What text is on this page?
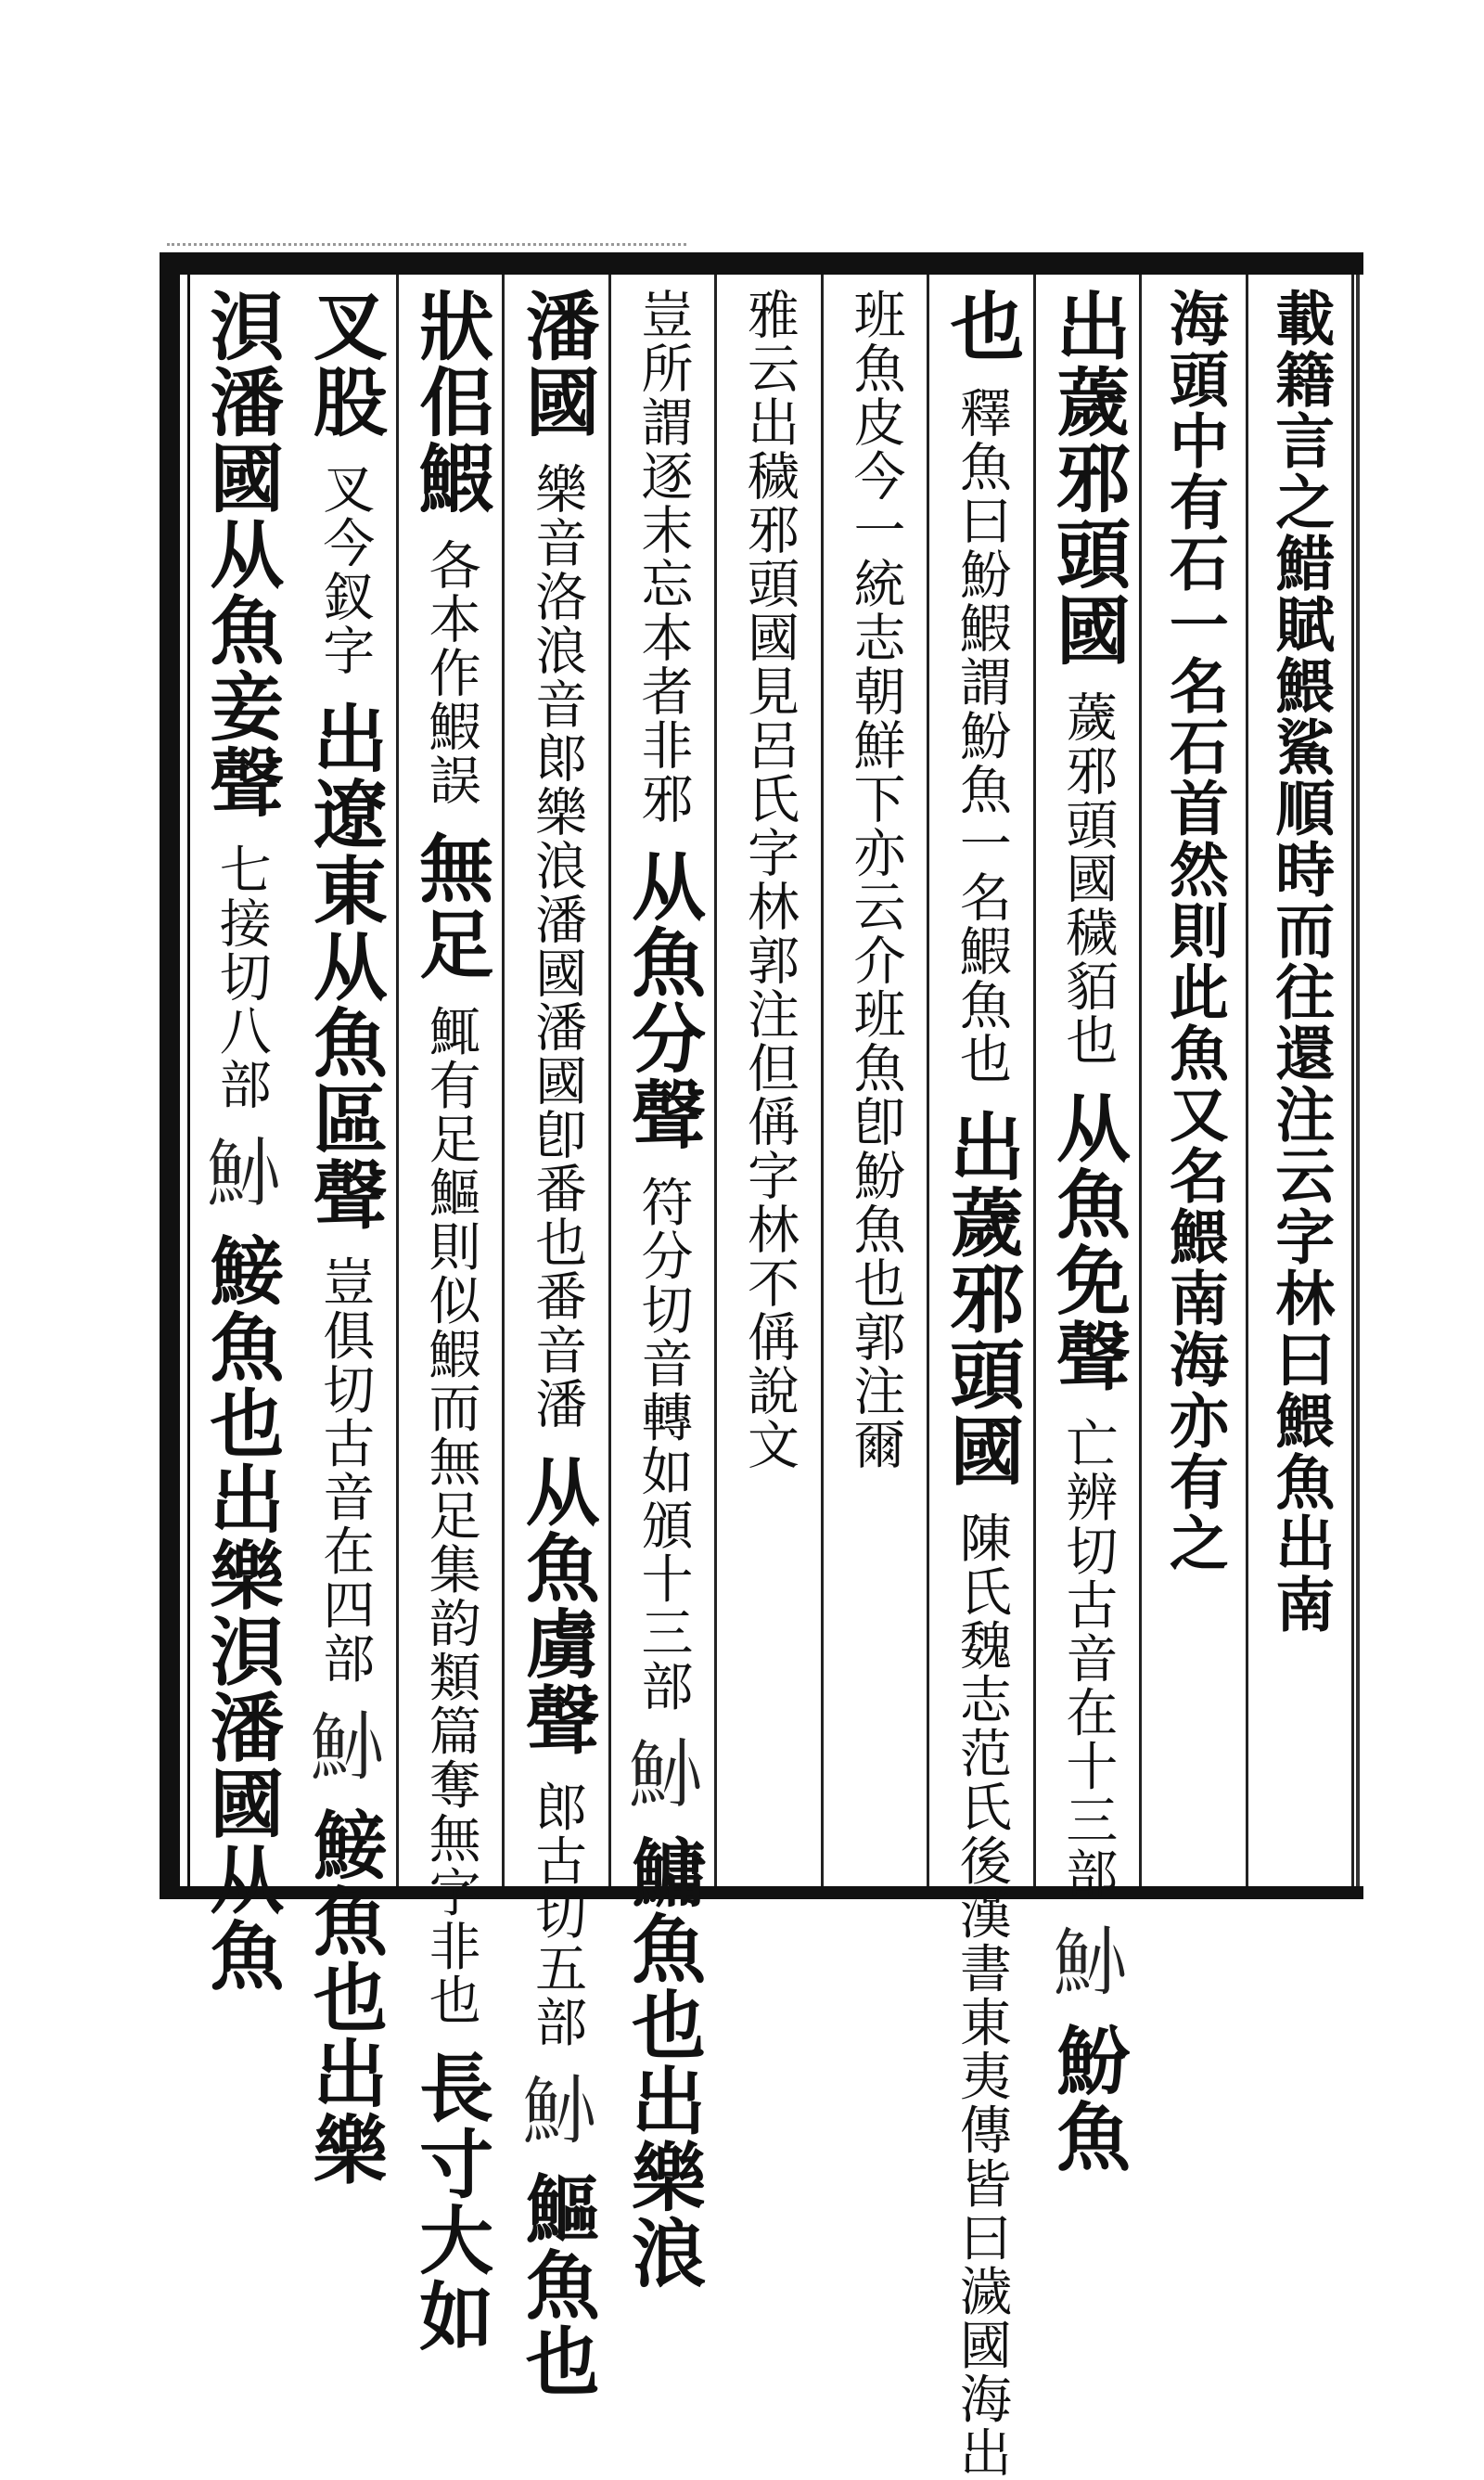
載籍言之䱜賦鰃鯊順時而往還注云字林曰鰃魚出南
海頭中有石一名石首然則此魚又名鰃南海亦有之
出薉邪頭國 薉邪頭國穢貊也 从魚免聲 亡辨切古音在十三部 𩵖 魵魚
也 釋魚曰魵鰕謂魵魚一名鰕魚也 出薉邪頭國 陳氏魏志范氏後漢書東夷傳皆曰濊國海出
班魚皮今一統志朝鮮下亦云介班魚卽魵魚也郭注爾
雅云出穢邪頭國見呂氏字林郭注但偁字林不偁說文
豈所謂逐末忘本者非邪 从魚分聲 符分切音轉如頒十三部 𩵖 鱅魚也出樂浪
潘國 樂音洛浪音郞樂浪潘國潘國卽番也番音潘 从魚虜聲 郎古切五部 𩵖 鰸魚也
狀佀鰕 各本作鰕誤 無足 鮿有足鰸則似鰕而無足集韵類篇奪無字非也 長寸大如
叉股 叉今釵字 出遼東从魚區聲 豈俱切古音在四部 𩵖 鯜魚也出樂
浿潘國从魚妾聲 七接切八部 𩵖 鯜魚也出樂浿潘國从魚
